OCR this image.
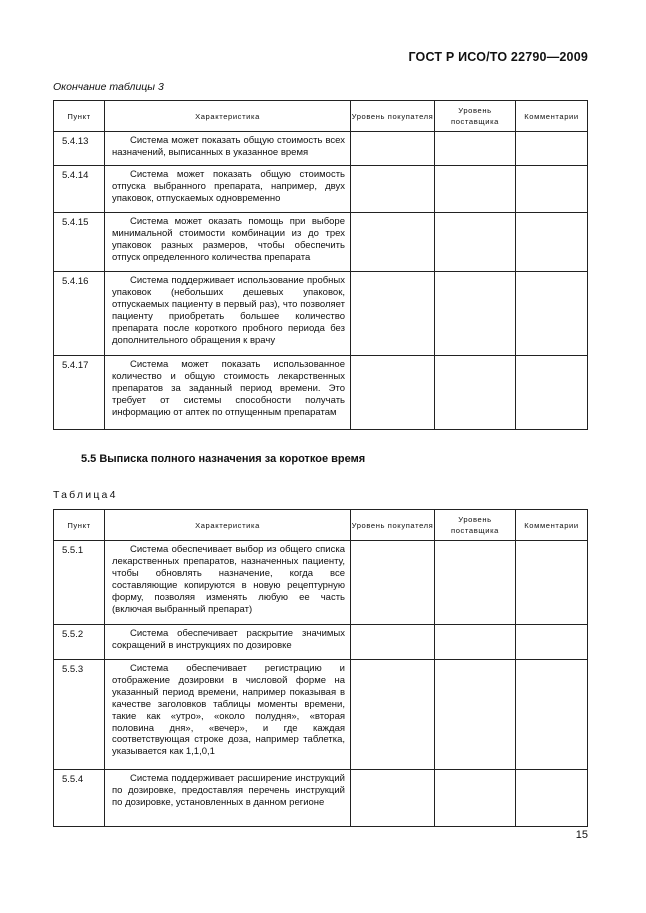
ГОСТ Р ИСО/ТО 22790—2009
Окончание таблицы 3
Пункт	Характеристика	Уровень покупателя	Уровень поставщика	Комментарии
5.4.13	Система может показать общую стоимость всех назначений, выписанных в указанное время			

5.4.14	Система может показать общую стоимость отпуска выбранного препарата, например, двух упаковок, отпускаемых одновременно			

5.4.15	Система может оказать помощь при выборе минимальной стоимости комбинации из до трех упаковок разных размеров, чтобы обеспечить отпуск определенного количества препарата			

5.4.16	Система поддерживает использование пробных упаковок (небольших дешевых упаковок, отпускаемых пациенту в первый раз), что позволяет пациенту приобретать большее количество препарата после короткого пробного периода без дополнительного обращения к врачу			

5.4.17	Система может показать использованное количество и общую стоимость лекарственных препаратов за заданный период времени. Это требует от системы способности получать информацию от аптек по отпущенным препаратам			

5.5 Выписка полного назначения за короткое время
Таблица4
Пункт	Характеристика	Уровень покупателя	Уровень поставщика	Комментарии
5.5.1	Система обеспечивает выбор из общего списка лекарственных препаратов, назначенных пациенту, чтобы обновлять назначение, когда все составляющие копируются в новую рецептурную форму, позволяя изменять любую ее часть (включая выбранный препарат)			

5.5.2	Система обеспечивает раскрытие значимых сокращений в инструкциях по дозировке			

5.5.3	Система обеспечивает регистрацию и отображение дозировки в числовой форме на указанный период времени, например показывая в качестве заголовков таблицы моменты времени, такие как «утро», «около полудня», «вторая половина дня», «вечер», и где каждая соответствующая строке доза, например таблетка, указывается как 1,1,0,1			

5.5.4	Система поддерживает расширение инструкций по дозировке, предоставляя перечень инструкций по дозировке, установленных в данном регионе			

15
